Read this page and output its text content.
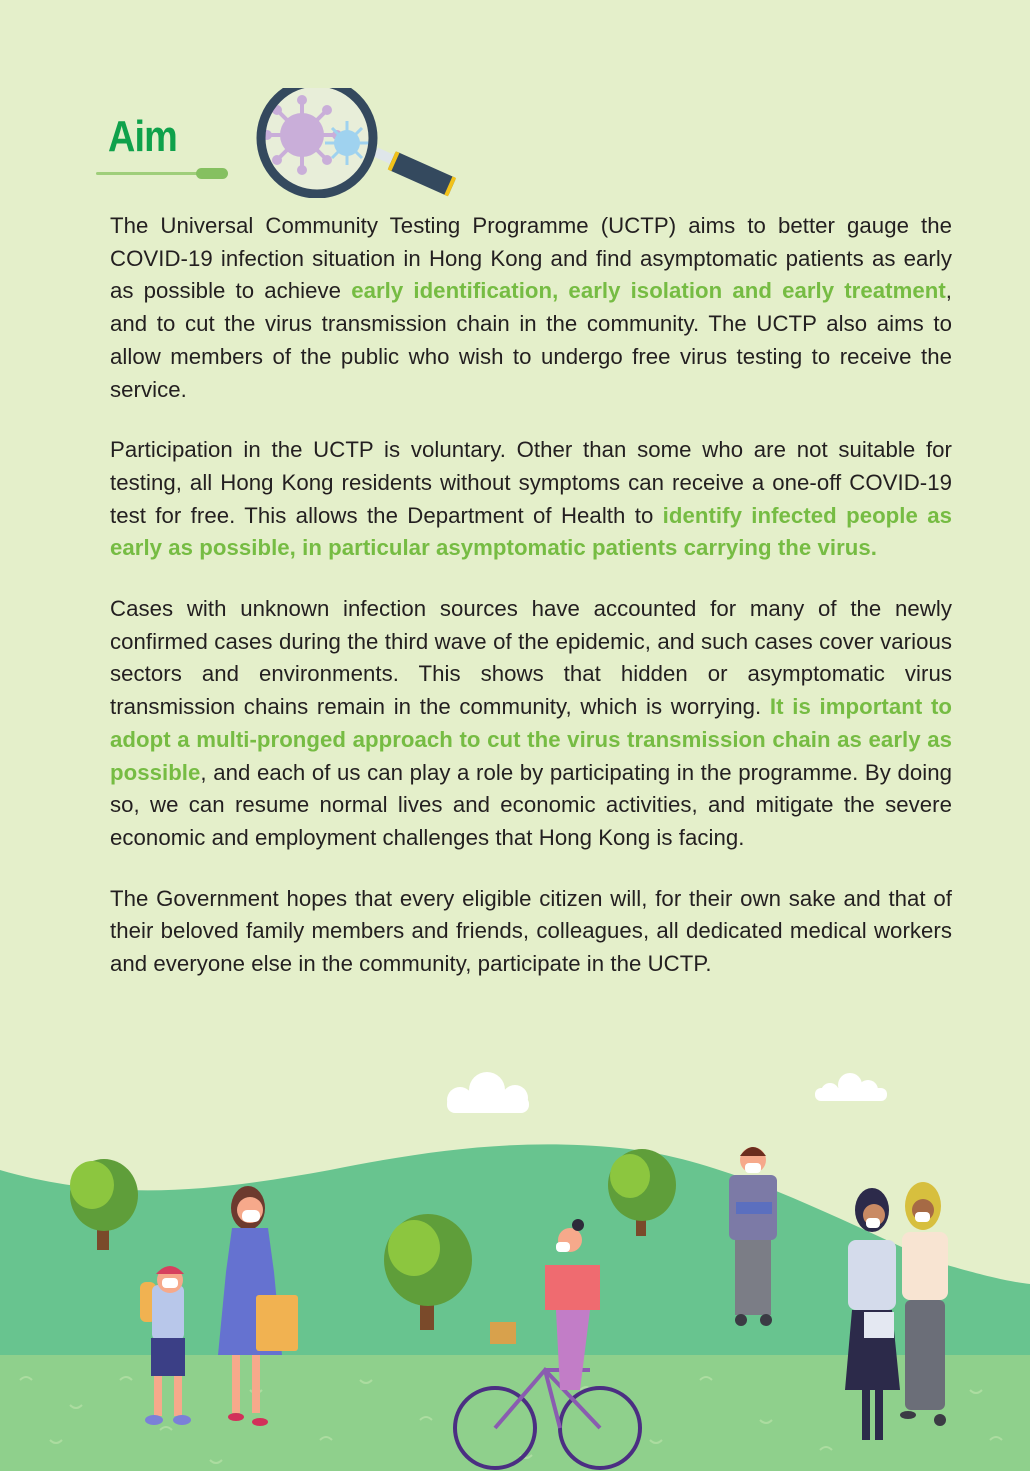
Aim

The Universal Community Testing Programme (UCTP) aims to better gauge the COVID-19 infection situation in Hong Kong and find asymptomatic patients as early as possible to achieve early identification, early isolation and early treatment, and to cut the virus transmission chain in the community. The UCTP also aims to allow members of the public who wish to undergo free virus testing to receive the service.

Participation in the UCTP is voluntary. Other than some who are not suitable for testing, all Hong Kong residents without symptoms can receive a one-off COVID-19 test for free. This allows the Department of Health to identify infected people as early as possible, in particular asymptomatic patients carrying the virus.

Cases with unknown infection sources have accounted for many of the newly confirmed cases during the third wave of the epidemic, and such cases cover various sectors and environments. This shows that hidden or asymptomatic virus transmission chains remain in the community, which is worrying. It is important to adopt a multi-pronged approach to cut the virus transmission chain as early as possible, and each of us can play a role by participating in the programme. By doing so, we can resume normal lives and economic activities, and mitigate the severe economic and employment challenges that Hong Kong is facing.

The Government hopes that every eligible citizen will, for their own sake and that of their beloved family members and friends, colleagues, all dedicated medical workers and everyone else in the community, participate in the UCTP.
